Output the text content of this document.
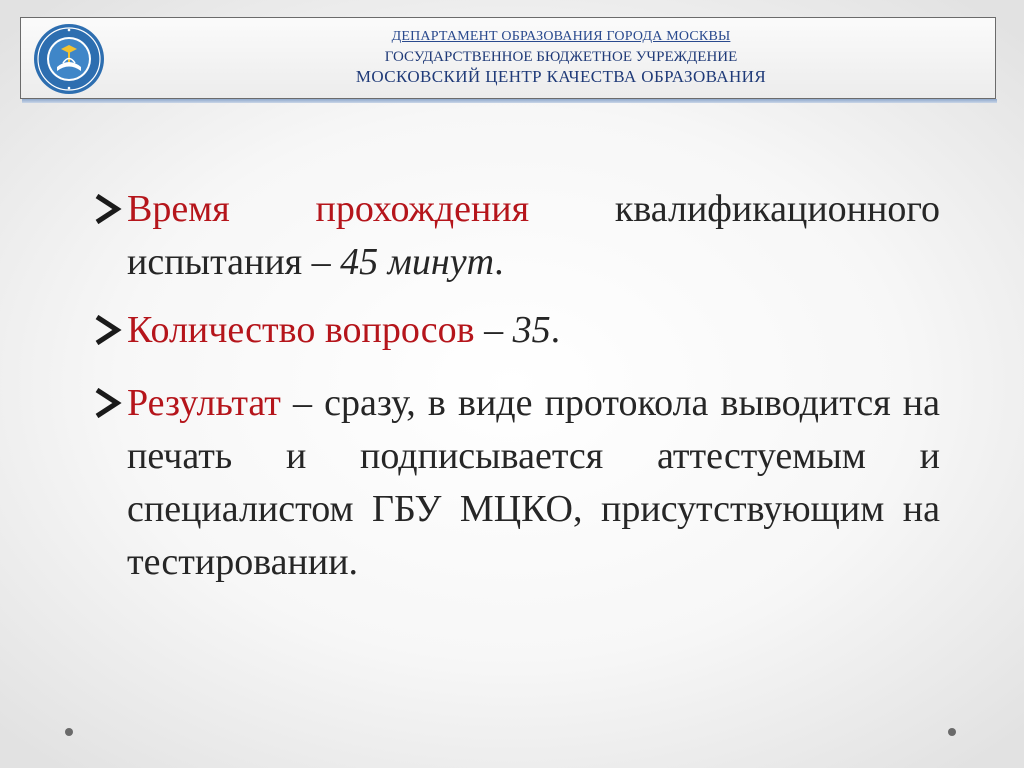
ДЕПАРТАМЕНТ ОБРАЗОВАНИЯ ГОРОДА МОСКВЫ
ГОСУДАРСТВЕННОЕ БЮДЖЕТНОЕ УЧРЕЖДЕНИЕ
МОСКОВСКИЙ ЦЕНТР КАЧЕСТВА ОБРАЗОВАНИЯ

Время прохождения квалификационного испытания – 45 минут.

Количество вопросов – 35.

Результат – сразу, в виде протокола выводится на печать и подписывается аттестуемым и специалистом ГБУ МЦКО, присутствующим на тестировании.
